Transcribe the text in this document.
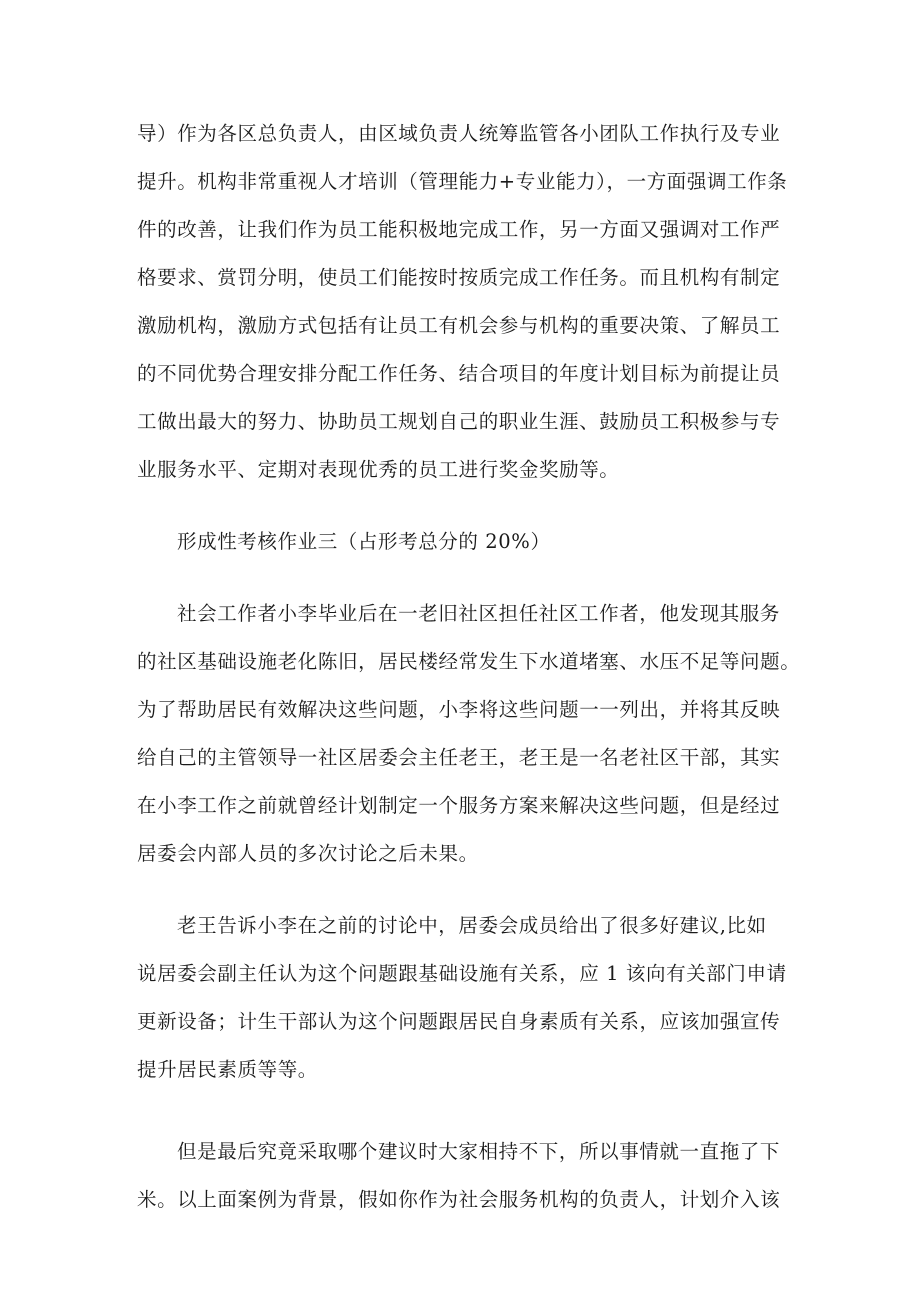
导）作为各区总负责人，由区域负责人统筹监管各小团队工作执行及专业
提升。机构非常重视人才培训（管理能力+专业能力），一方面强调工作条
件的改善，让我们作为员工能积极地完成工作，另一方面又强调对工作严
格要求、赏罚分明，使员工们能按时按质完成工作任务。而且机构有制定
激励机构，激励方式包括有让员工有机会参与机构的重要决策、了解员工
的不同优势合理安排分配工作任务、结合项目的年度计划目标为前提让员
工做出最大的努力、协助员工规划自己的职业生涯、鼓励员工积极参与专
业服务水平、定期对表现优秀的员工进行奖金奖励等。
形成性考核作业三（占形考总分的 20%）
社会工作者小李毕业后在一老旧社区担任社区工作者，他发现其服务
的社区基础设施老化陈旧，居民楼经常发生下水道堵塞、水压不足等问题。
为了帮助居民有效解决这些问题，小李将这些问题一一列出，并将其反映
给自己的主管领导一社区居委会主任老王，老王是一名老社区干部，其实
在小李工作之前就曾经计划制定一个服务方案来解决这些问题，但是经过
居委会内部人员的多次讨论之后未果。
老王告诉小李在之前的讨论中，居委会成员给出了很多好建议,比如
说居委会副主任认为这个问题跟基础设施有关系，应 1 该向有关部门申请
更新设备；计生干部认为这个问题跟居民自身素质有关系，应该加强宣传
提升居民素质等等。
但是最后究竟采取哪个建议时大家相持不下，所以事情就一直拖了下
米。以上面案例为背景，假如你作为社会服务机构的负责人，计划介入该
